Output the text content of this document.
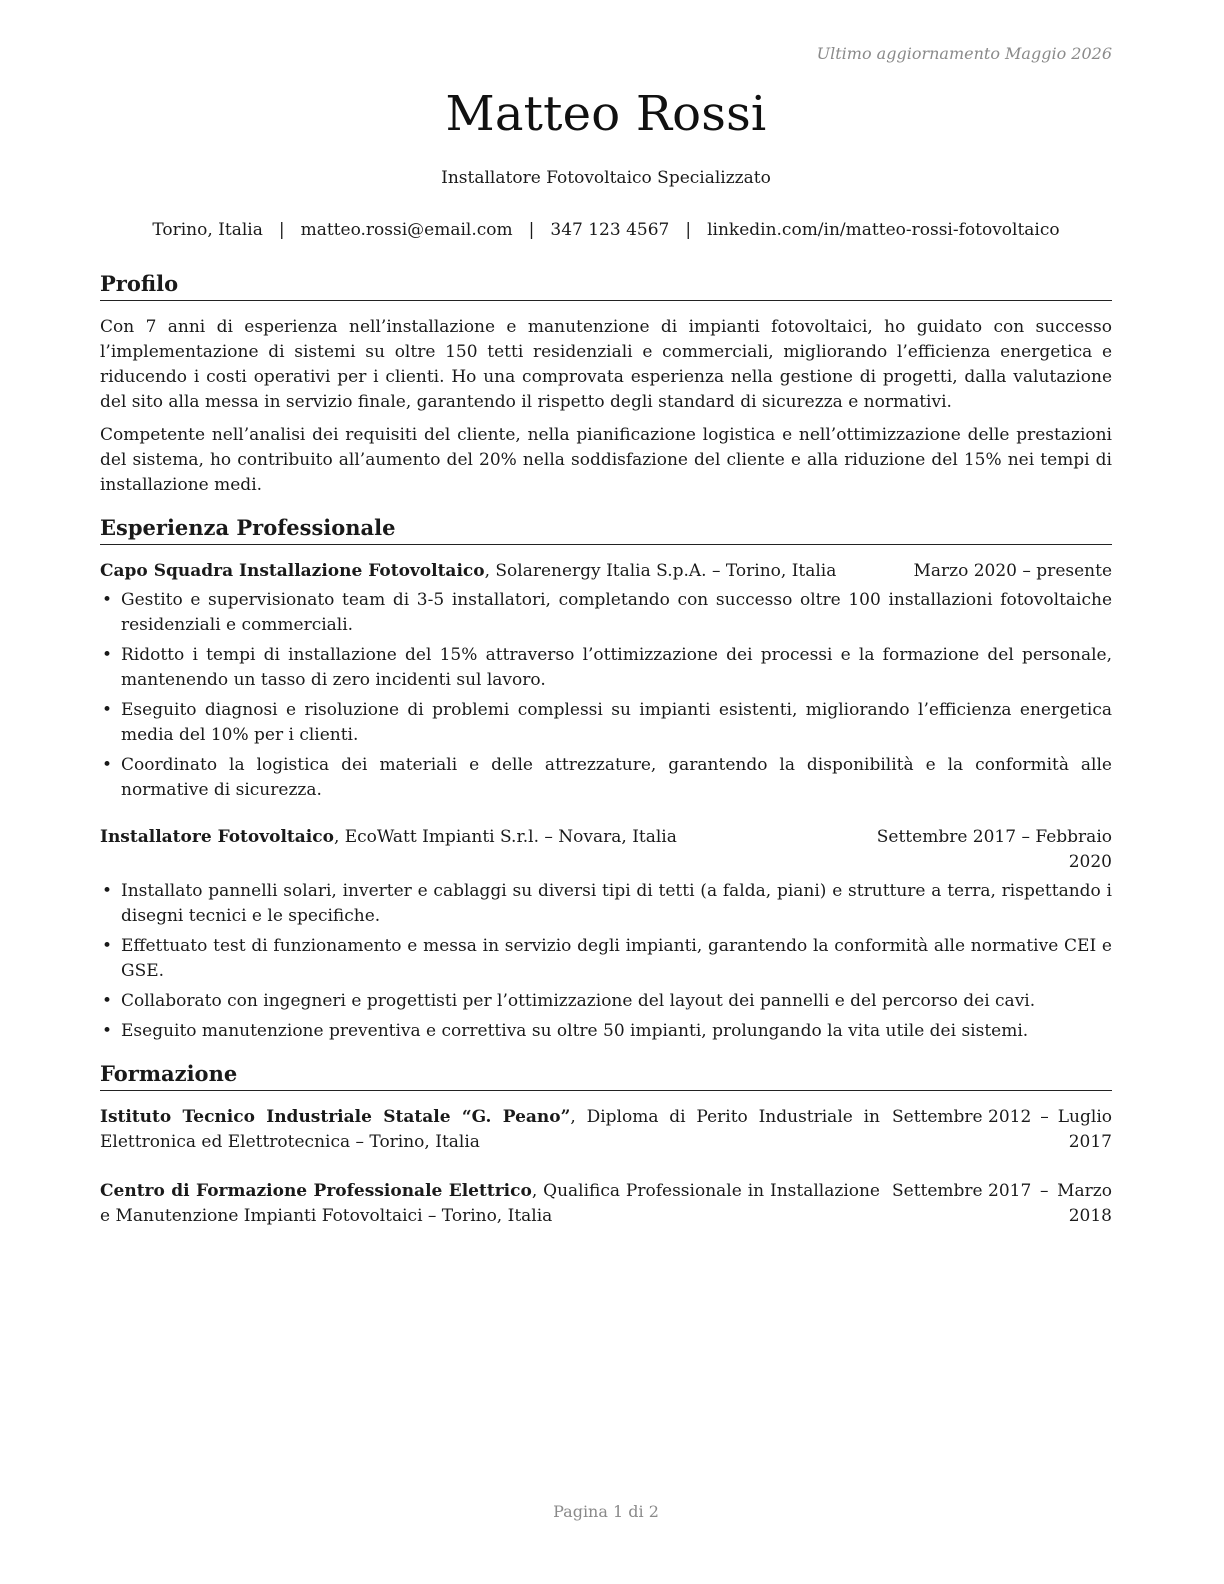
Ultimo aggiornamento Maggio 2026
Matteo Rossi
Installatore Fotovoltaico Specializzato
Torino, Italia | matteo.rossi@email.com | 347 123 4567 | linkedin.com/in/matteo-rossi-fotovoltaico
Profilo

Con 7 anni di esperienza nell’installazione e manutenzione di impianti fotovoltaici, ho guidato con successo l’implementazione di sistemi su oltre 150 tetti residenziali e commerciali, migliorando l’efficienza energetica e riducendo i costi operativi per i clienti. Ho una comprovata esperienza nella gestione di progetti, dalla valutazione del sito alla messa in servizio finale, garantendo il rispetto degli standard di sicurezza e normativi.

Competente nell’analisi dei requisiti del cliente, nella pianificazione logistica e nell’ottimizzazione delle prestazioni del sistema, ho contribuito all’aumento del 20% nella soddisfazione del cliente e alla riduzione del 15% nei tempi di installazione medi.

Esperienza Professionale
Capo Squadra Installazione Fotovoltaico, Solarenergy Italia S.p.A. – Torino, Italia	Marzo 2020 – presente
• Gestito e supervisionato team di 3-5 installatori, completando con successo oltre 100 installazioni fotovoltaiche residenziali e commerciali.
• Ridotto i tempi di installazione del 15% attraverso l’ottimizzazione dei processi e la formazione del personale, mantenendo un tasso di zero incidenti sul lavoro.
• Eseguito diagnosi e risoluzione di problemi complessi su impianti esistenti, migliorando l’efficienza energetica media del 10% per i clienti.
• Coordinato la logistica dei materiali e delle attrezzature, garantendo la disponibilità e la conformità alle normative di sicurezza.
Installatore Fotovoltaico, EcoWatt Impianti S.r.l. – Novara, Italia	Settembre 2017 – Febbraio 2020
• Installato pannelli solari, inverter e cablaggi su diversi tipi di tetti (a falda, piani) e strutture a terra, rispettando i disegni tecnici e le specifiche.
• Effettuato test di funzionamento e messa in servizio degli impianti, garantendo la conformità alle normative CEI e GSE.
• Collaborato con ingegneri e progettisti per l’ottimizzazione del layout dei pannelli e del percorso dei cavi.
• Eseguito manutenzione preventiva e correttiva su oltre 50 impianti, prolungando la vita utile dei sistemi.
Formazione
Istituto Tecnico Industriale Statale “G. Peano”, Diploma di Perito Industriale in Elettronica ed Elettrotecnica – Torino, Italia
Settembre 2012 – Luglio
2017
Centro di Formazione Professionale Elettrico, Qualifica Professionale in Installazione e Manutenzione Impianti Fotovoltaici – Torino, Italia
Settembre 2017 – Marzo
2018
Pagina 1 di 2
